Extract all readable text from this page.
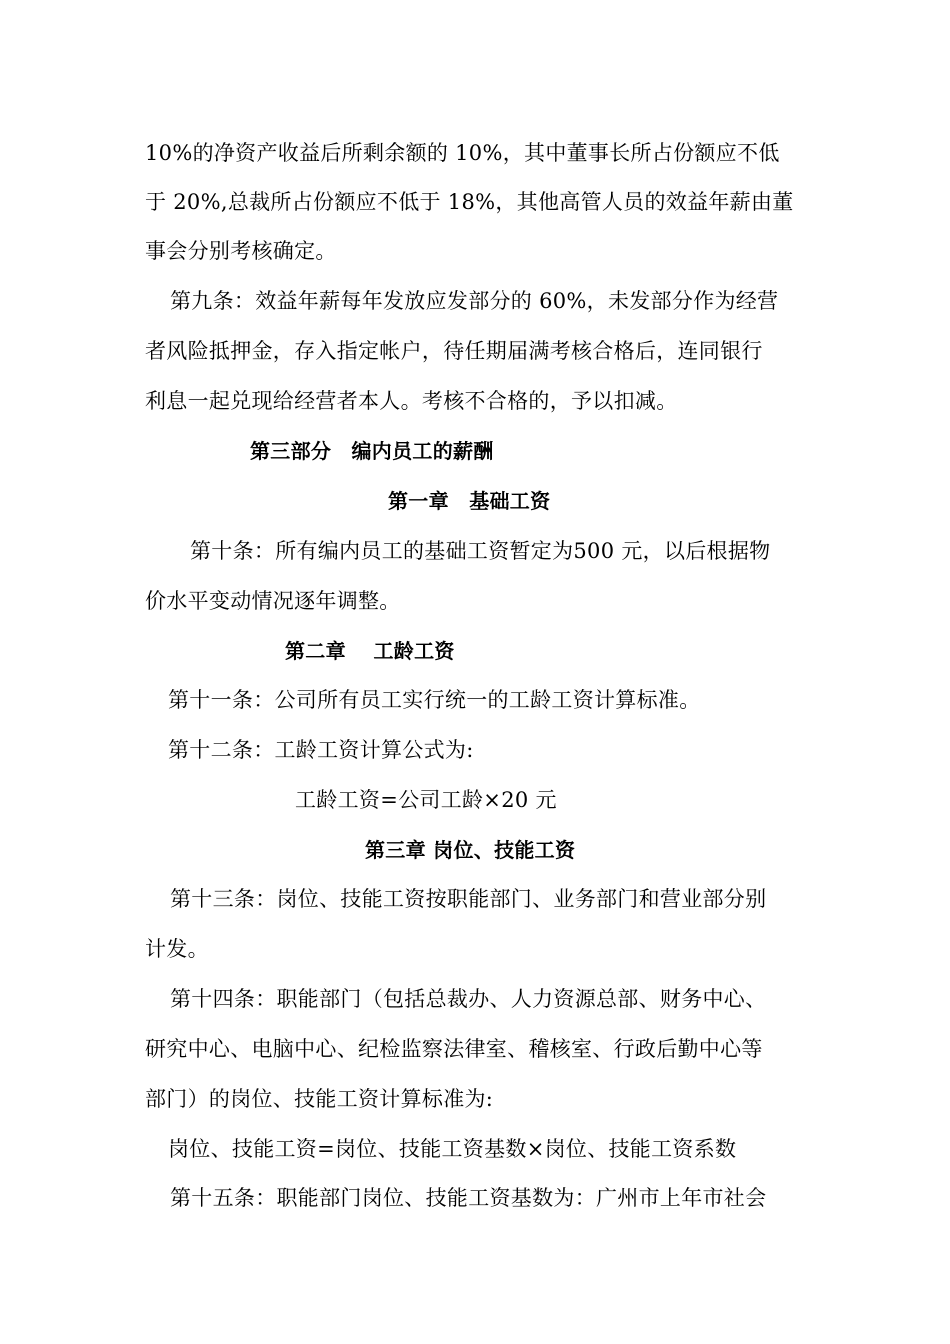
10%的净资产收益后所剩余额的 10%，其中董事长所占份额应不低
于 20%,总裁所占份额应不低于 18%，其他高管人员的效益年薪由董
事会分别考核确定。
第九条：效益年薪每年发放应发部分的 60%，未发部分作为经营
者风险抵押金，存入指定帐户，待任期届满考核合格后，连同银行
利息一起兑现给经营者本人。考核不合格的，予以扣减。
第三部分　编内员工的薪酬
第一章　基础工资
第十条：所有编内员工的基础工资暂定为500 元，以后根据物
价水平变动情况逐年调整。
第二章　 工龄工资
第十一条：公司所有员工实行统一的工龄工资计算标准。
第十二条：工龄工资计算公式为:
工龄工资=公司工龄×20 元
第三章 岗位、技能工资
第十三条：岗位、技能工资按职能部门、业务部门和营业部分别
计发。
第十四条：职能部门（包括总裁办、人力资源总部、财务中心、
研究中心、电脑中心、纪检监察法律室、稽核室、行政后勤中心等
部门）的岗位、技能工资计算标准为:
岗位、技能工资=岗位、技能工资基数×岗位、技能工资系数
第十五条：职能部门岗位、技能工资基数为：广州市上年市社会
